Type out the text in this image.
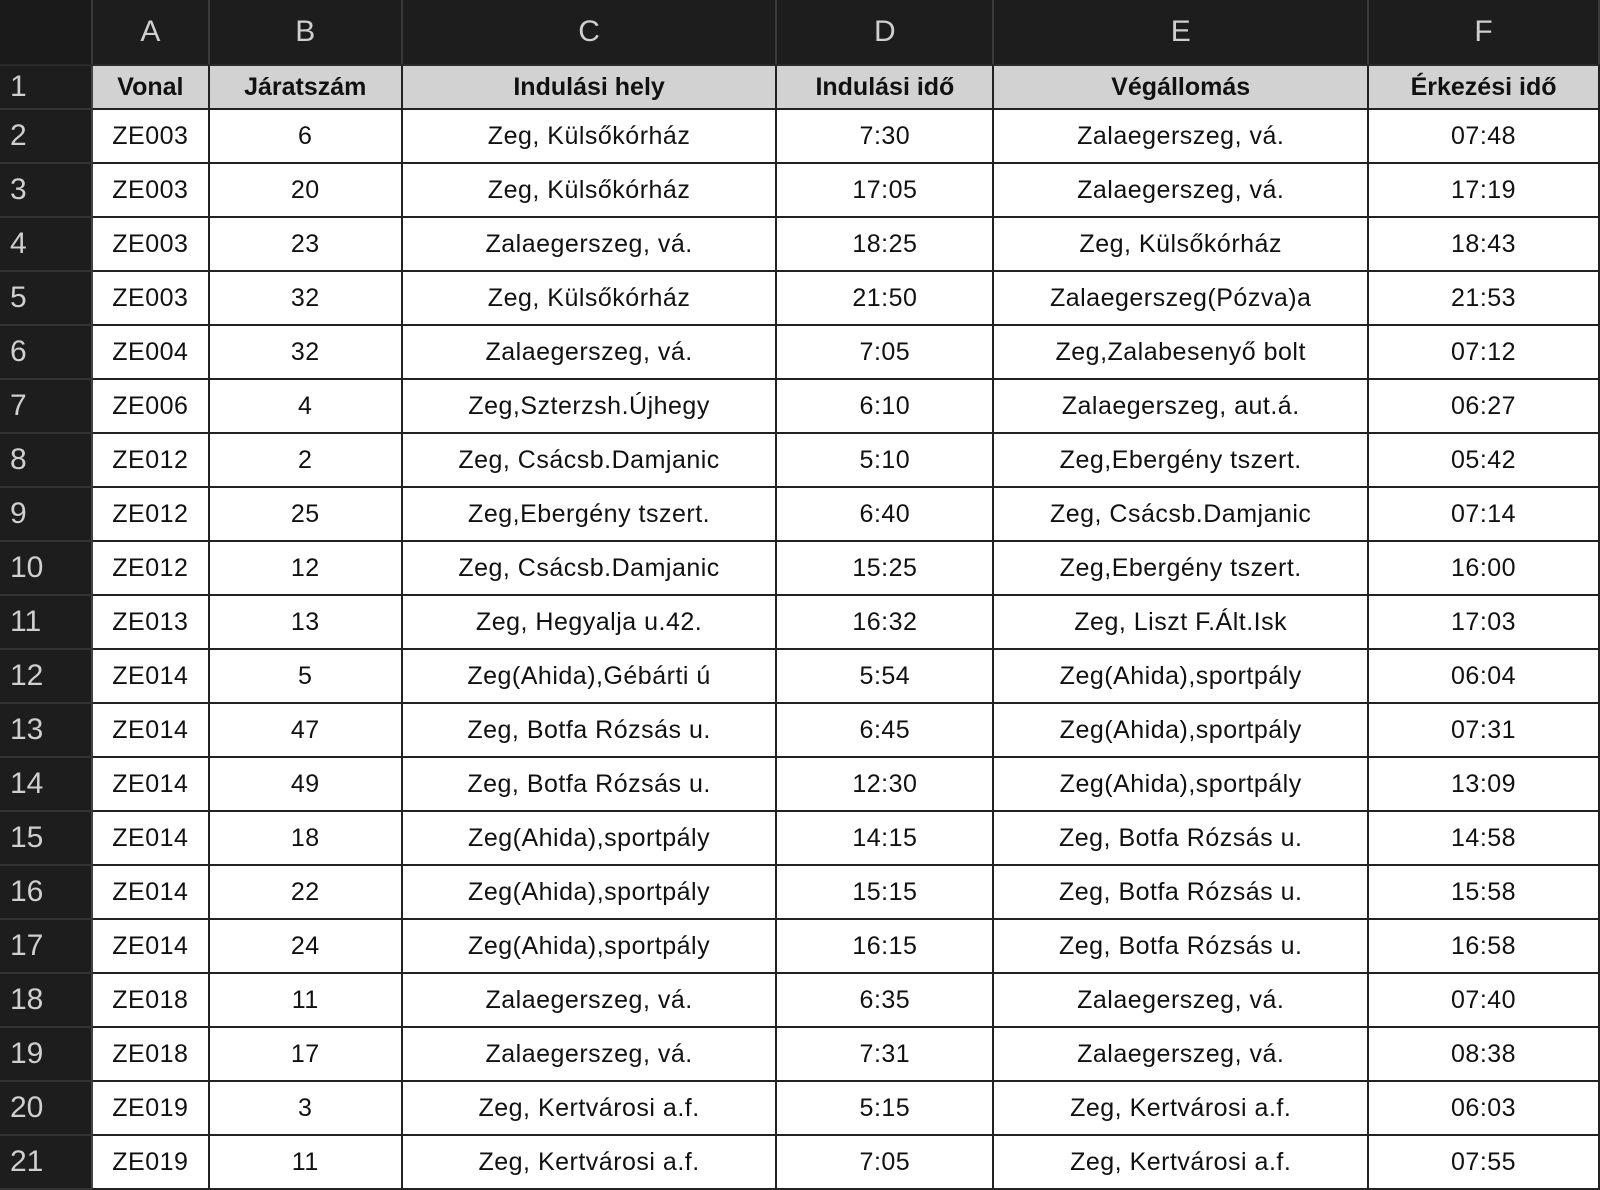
	A	B	C	D	E	F
1	Vonal	Járatszám	Indulási hely	Indulási idő	Végállomás	Érkezési idő
2	ZE003	6	Zeg, Külsőkórház	7:30	Zalaegerszeg, vá.	07:48
3	ZE003	20	Zeg, Külsőkórház	17:05	Zalaegerszeg, vá.	17:19
4	ZE003	23	Zalaegerszeg, vá.	18:25	Zeg, Külsőkórház	18:43
5	ZE003	32	Zeg, Külsőkórház	21:50	Zalaegerszeg(Pózva)a	21:53
6	ZE004	32	Zalaegerszeg, vá.	7:05	Zeg,Zalabesenyő bolt	07:12
7	ZE006	4	Zeg,Szterzsh.Újhegy	6:10	Zalaegerszeg, aut.á.	06:27
8	ZE012	2	Zeg, Csácsb.Damjanic	5:10	Zeg,Ebergény tszert.	05:42
9	ZE012	25	Zeg,Ebergény tszert.	6:40	Zeg, Csácsb.Damjanic	07:14
10	ZE012	12	Zeg, Csácsb.Damjanic	15:25	Zeg,Ebergény tszert.	16:00
11	ZE013	13	Zeg, Hegyalja u.42.	16:32	Zeg, Liszt F.Ált.Isk	17:03
12	ZE014	5	Zeg(Ahida),Gébárti ú	5:54	Zeg(Ahida),sportpály	06:04
13	ZE014	47	Zeg, Botfa Rózsás u.	6:45	Zeg(Ahida),sportpály	07:31
14	ZE014	49	Zeg, Botfa Rózsás u.	12:30	Zeg(Ahida),sportpály	13:09
15	ZE014	18	Zeg(Ahida),sportpály	14:15	Zeg, Botfa Rózsás u.	14:58
16	ZE014	22	Zeg(Ahida),sportpály	15:15	Zeg, Botfa Rózsás u.	15:58
17	ZE014	24	Zeg(Ahida),sportpály	16:15	Zeg, Botfa Rózsás u.	16:58
18	ZE018	11	Zalaegerszeg, vá.	6:35	Zalaegerszeg, vá.	07:40
19	ZE018	17	Zalaegerszeg, vá.	7:31	Zalaegerszeg, vá.	08:38
20	ZE019	3	Zeg, Kertvárosi a.f.	5:15	Zeg, Kertvárosi a.f.	06:03
21	ZE019	11	Zeg, Kertvárosi a.f.	7:05	Zeg, Kertvárosi a.f.	07:55
